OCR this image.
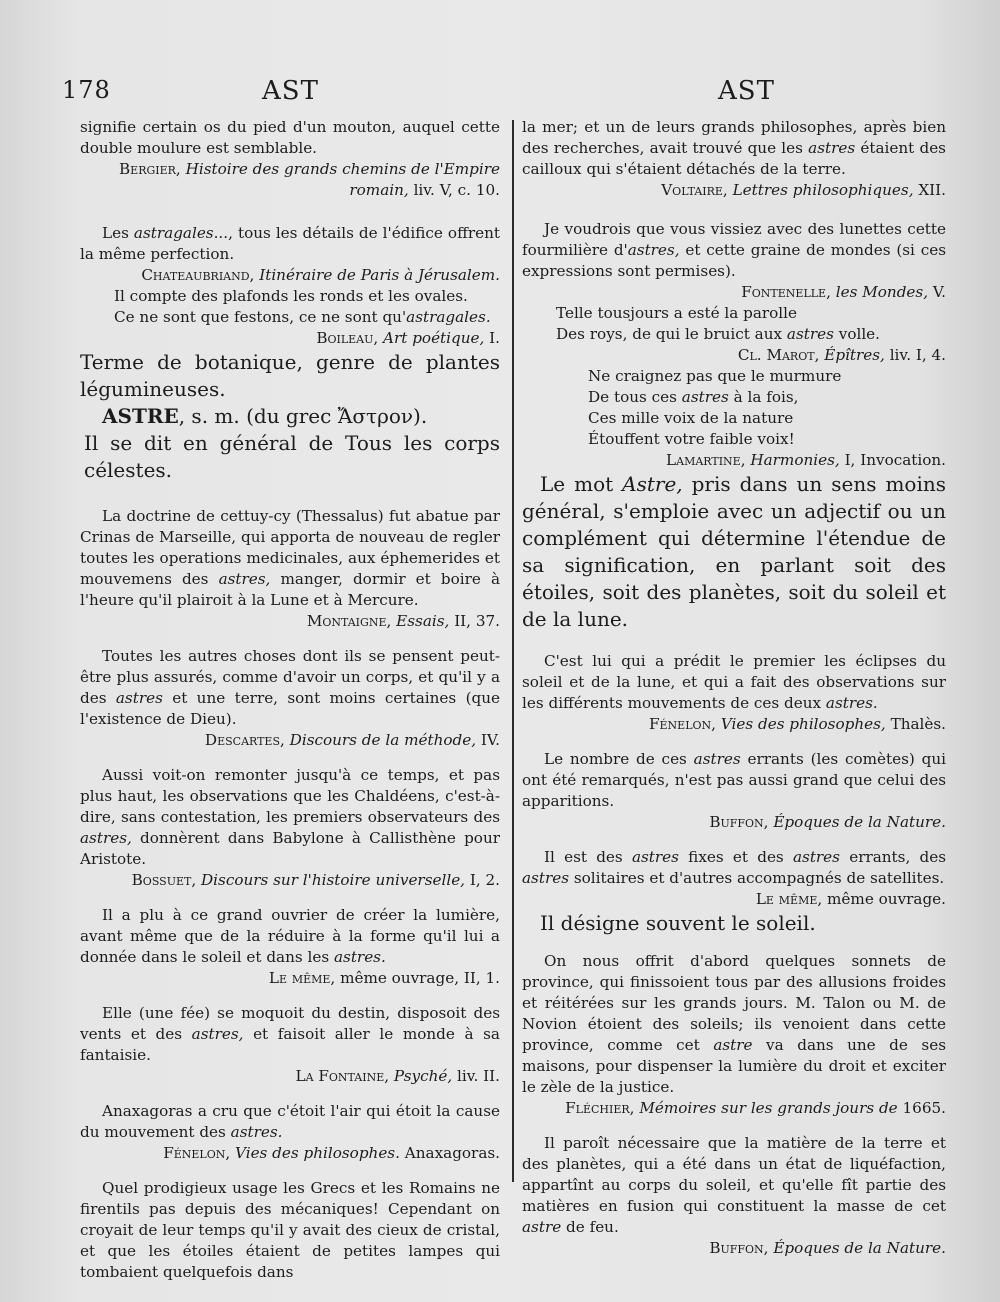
178	AST	AST

signifie certain os du pied d'un mouton, auquel cette double moulure est semblable.

Bergier, Histoire des grands chemins de l'Empire romain, liv. V, c. 10.

Les astragales..., tous les détails de l'édifice offrent la même perfection.

Chateaubriand, Itinéraire de Paris à Jérusalem.

Il compte des plafonds les ronds et les ovales.
Ce ne sont que festons, ce ne sont qu'astragales.

Boileau, Art poétique, I.

Terme de botanique, genre de plantes légumineuses.

ASTRE, s. m. (du grec Ἄστρον).

Il se dit en général de Tous les corps célestes.

La doctrine de cettuy-cy (Thessalus) fut abatue par Crinas de Marseille, qui apporta de nouveau de regler toutes les operations medicinales, aux éphemerides et mouvemens des astres, manger, dormir et boire à l'heure qu'il plairoit à la Lune et à Mercure.

Montaigne, Essais, II, 37.

Toutes les autres choses dont ils se pensent peut-être plus assurés, comme d'avoir un corps, et qu'il y a des astres et une terre, sont moins certaines (que l'existence de Dieu).

Descartes, Discours de la méthode, IV.

Aussi voit-on remonter jusqu'à ce temps, et pas plus haut, les observations que les Chaldéens, c'est-à-dire, sans contestation, les premiers observateurs des astres, donnèrent dans Babylone à Callisthène pour Aristote.

Bossuet, Discours sur l'histoire universelle, I, 2.

Il a plu à ce grand ouvrier de créer la lumière, avant même que de la réduire à la forme qu'il lui a donnée dans le soleil et dans les astres.

Le même, même ouvrage, II, 1.

Elle (une fée) se moquoit du destin, disposoit des vents et des astres, et faisoit aller le monde à sa fantaisie.

La Fontaine, Psyché, liv. II.

Anaxagoras a cru que c'étoit l'air qui étoit la cause du mouvement des astres.

Fénelon, Vies des philosophes. Anaxagoras.

Quel prodigieux usage les Grecs et les Romains ne firentils pas depuis des mécaniques! Cependant on croyait de leur temps qu'il y avait des cieux de cristal, et que les étoiles étaient de petites lampes qui tombaient quelquefois dans

la mer; et un de leurs grands philosophes, après bien des recherches, avait trouvé que les astres étaient des cailloux qui s'étaient détachés de la terre.

Voltaire, Lettres philosophiques, XII.

Je voudrois que vous vissiez avec des lunettes cette fourmilière d'astres, et cette graine de mondes (si ces expressions sont permises).

Fontenelle, les Mondes, V.

Telle tousjours a esté la parolle
Des roys, de qui le bruict aux astres volle.

Cl. Marot, Épîtres, liv. I, 4.

Ne craignez pas que le murmure
De tous ces astres à la fois,
Ces mille voix de la nature
Étouffent votre faible voix!

Lamartine, Harmonies, I, Invocation.

Le mot Astre, pris dans un sens moins général, s'emploie avec un adjectif ou un complément qui détermine l'étendue de sa signification, en parlant soit des étoiles, soit des planètes, soit du soleil et de la lune.

C'est lui qui a prédit le premier les éclipses du soleil et de la lune, et qui a fait des observations sur les différents mouvements de ces deux astres.

Fénelon, Vies des philosophes, Thalès.

Le nombre de ces astres errants (les comètes) qui ont été remarqués, n'est pas aussi grand que celui des apparitions.

Buffon, Époques de la Nature.

Il est des astres fixes et des astres errants, des astres solitaires et d'autres accompagnés de satellites.

Le même, même ouvrage.

Il désigne souvent le soleil.

On nous offrit d'abord quelques sonnets de province, qui finissoient tous par des allusions froides et réitérées sur les grands jours. M. Talon ou M. de Novion étoient des soleils; ils venoient dans cette province, comme cet astre va dans une de ses maisons, pour dispenser la lumière du droit et exciter le zèle de la justice.

Fléchier, Mémoires sur les grands jours de 1665.

Il paroît nécessaire que la matière de la terre et des planètes, qui a été dans un état de liquéfaction, appartînt au corps du soleil, et qu'elle fît partie des matières en fusion qui constituent la masse de cet astre de feu.

Buffon, Époques de la Nature.
